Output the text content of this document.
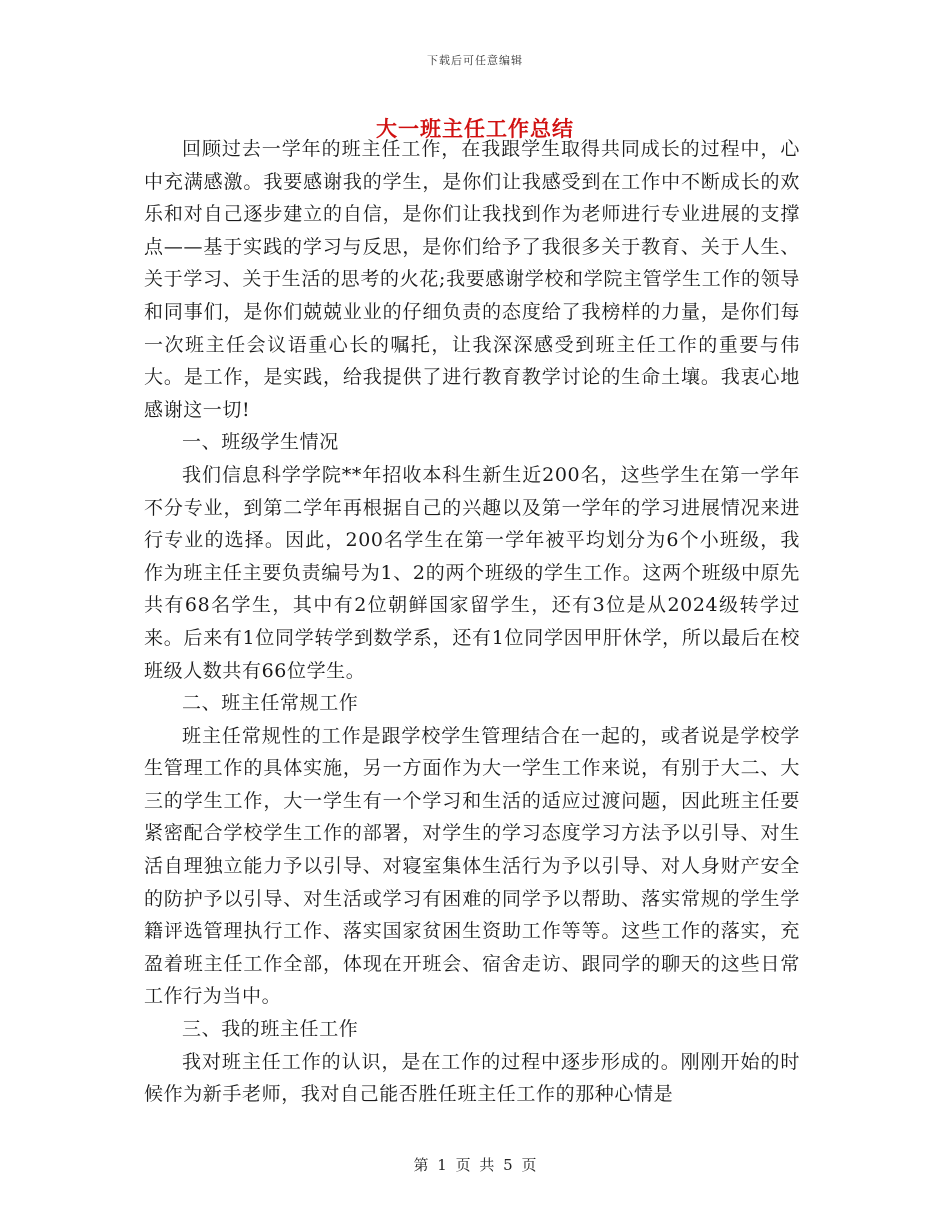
下载后可任意编辑
大一班主任工作总结

回顾过去一学年的班主任工作，在我跟学生取得共同成长的过程中，心中充满感激。我要感谢我的学生，是你们让我感受到在工作中不断成长的欢乐和对自己逐步建立的自信，是你们让我找到作为老师进行专业进展的支撑点——基于实践的学习与反思，是你们给予了我很多关于教育、关于人生、关于学习、关于生活的思考的火花;我要感谢学校和学院主管学生工作的领导和同事们，是你们兢兢业业的仔细负责的态度给了我榜样的力量，是你们每一次班主任会议语重心长的嘱托，让我深深感受到班主任工作的重要与伟大。是工作，是实践，给我提供了进行教育教学讨论的生命土壤。我衷心地感谢这一切!

一、班级学生情况

我们信息科学学院**年招收本科生新生近200名，这些学生在第一学年不分专业，到第二学年再根据自己的兴趣以及第一学年的学习进展情况来进行专业的选择。因此，200名学生在第一学年被平均划分为6个小班级，我作为班主任主要负责编号为1、2的两个班级的学生工作。这两个班级中原先共有68名学生，其中有2位朝鲜国家留学生，还有3位是从2024级转学过来。后来有1位同学转学到数学系，还有1位同学因甲肝休学，所以最后在校班级人数共有66位学生。

二、班主任常规工作

班主任常规性的工作是跟学校学生管理结合在一起的，或者说是学校学生管理工作的具体实施，另一方面作为大一学生工作来说，有别于大二、大三的学生工作，大一学生有一个学习和生活的适应过渡问题，因此班主任要紧密配合学校学生工作的部署，对学生的学习态度学习方法予以引导、对生活自理独立能力予以引导、对寝室集体生活行为予以引导、对人身财产安全的防护予以引导、对生活或学习有困难的同学予以帮助、落实常规的学生学籍评选管理执行工作、落实国家贫困生资助工作等等。这些工作的落实，充盈着班主任工作全部，体现在开班会、宿舍走访、跟同学的聊天的这些日常工作行为当中。

三、我的班主任工作

我对班主任工作的认识，是在工作的过程中逐步形成的。刚刚开始的时候作为新手老师，我对自己能否胜任班主任工作的那种心情是

第 1 页 共 5 页
